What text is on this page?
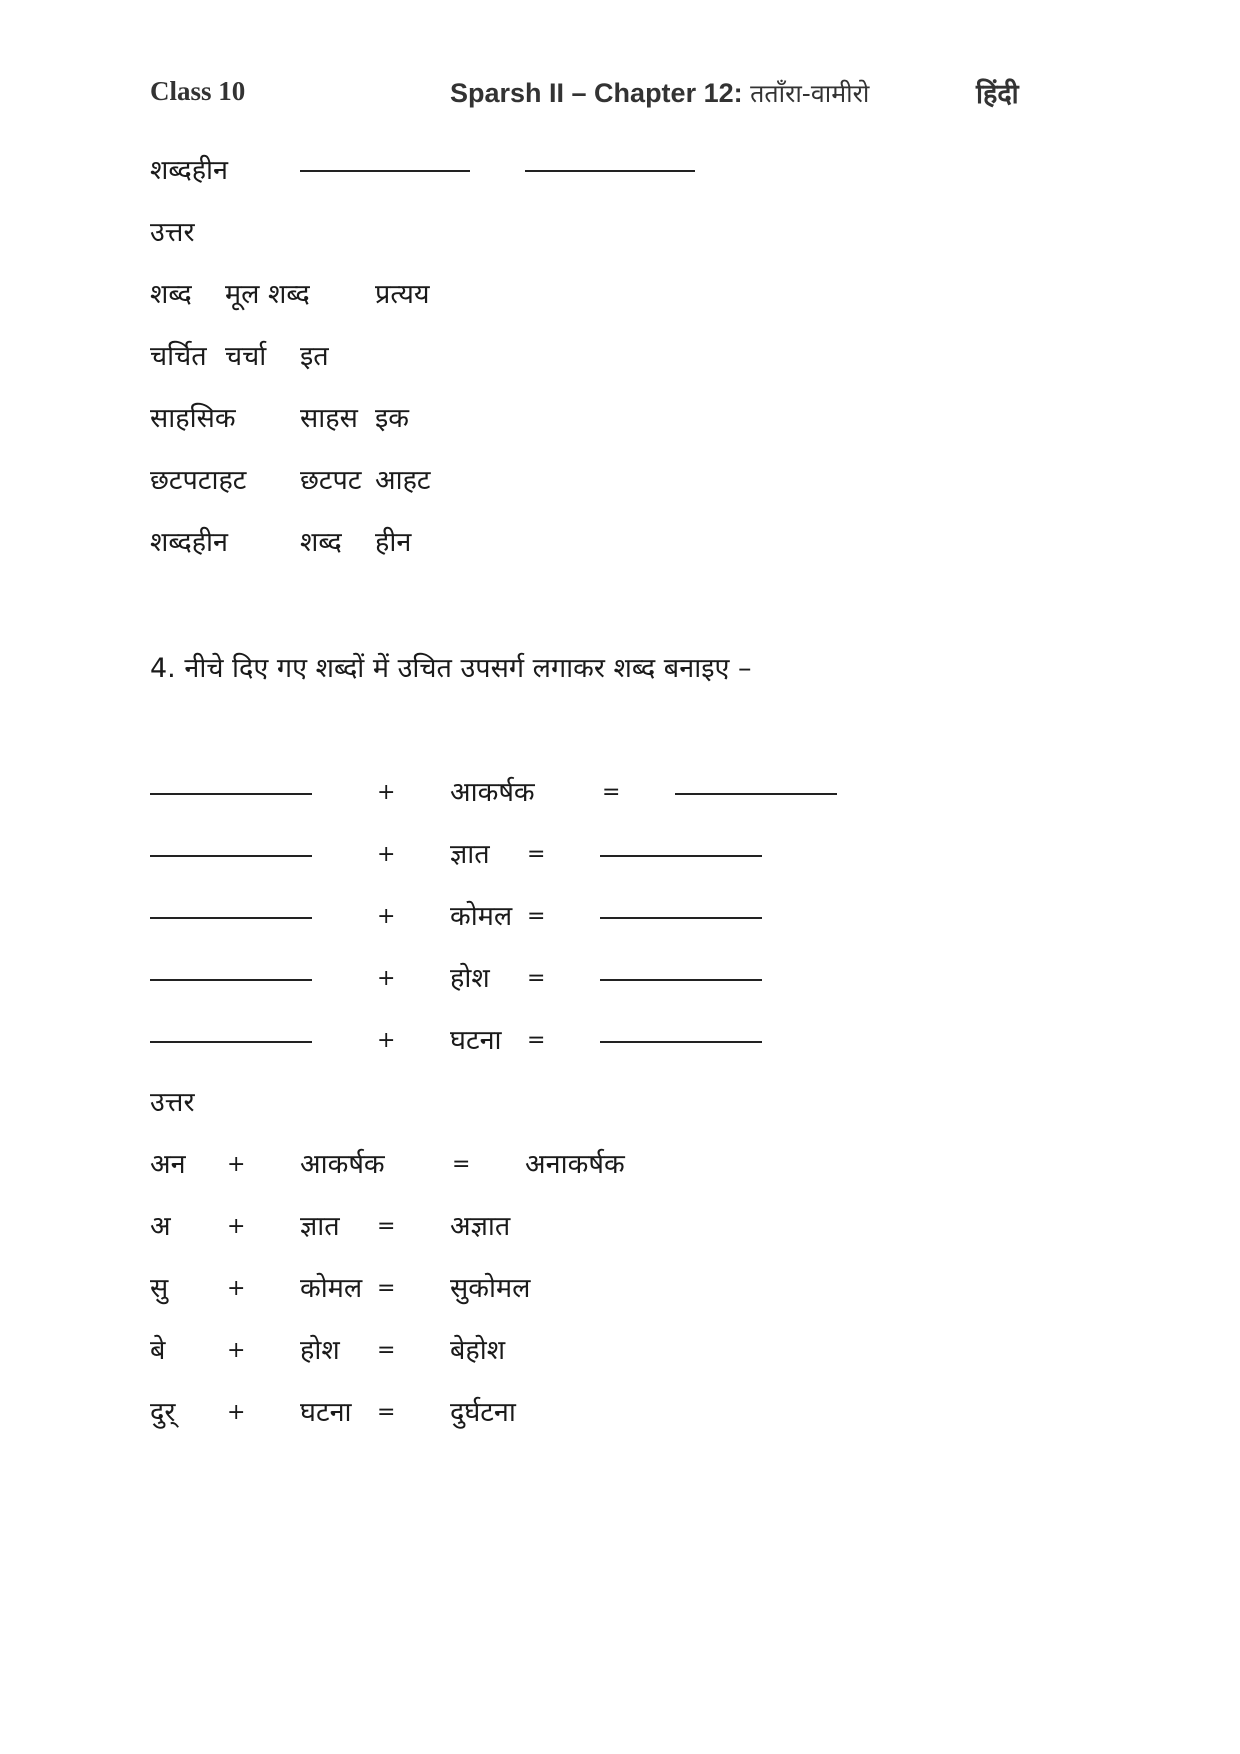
Class 10	Sparsh II – Chapter 12: तताँरा-वामीरो	हिंदी
शब्दहीन
उत्तर
शब्द मूल शब्द प्रत्यय
चर्चित चर्चा इत
साहसिक साहस इक
छटपटाहट छटपट आहट
शब्दहीन	शब्द हीन
4. नीचे दिए गए शब्दों में उचित उपसर्ग लगाकर शब्द बनाइए –
+ आकर्षक	=
+ ज्ञात =
+ कोमल =
+ होश =
+ घटना =
उत्तर
अन + आकर्षक	= अनाकर्षक
अ	+ ज्ञात = अज्ञात
सु	+ कोमल = सुकोमल
बे	+ होश = बेहोश
दुर् + घटना = दुर्घटना
